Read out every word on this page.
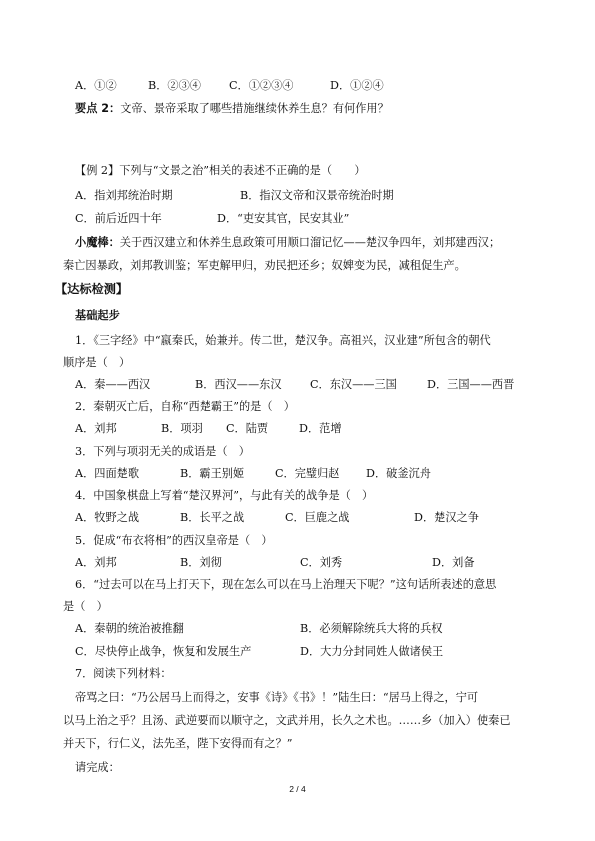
A．①②	B．②③④	C．①②③④	D．①②④
要点 2：文帝、景帝采取了哪些措施继续休养生息？有何作用？
【例 2】下列与“文景之治”相关的表述不正确的是（　　）
A．指刘邦统治时期	B．指汉文帝和汉景帝统治时期
C．前后近四十年	D．“吏安其官，民安其业”
小魔棒：关于西汉建立和休养生息政策可用顺口溜记忆——楚汉争四年，刘邦建西汉；
秦亡因暴政，刘邦教训鉴；军吏解甲归，劝民把还乡；奴婢变为民，减租促生产。
【达标检测】
基础起步
1．《三字经》中“嬴秦氏，始兼并。传二世，楚汉争。高祖兴，汉业建”所包含的朝代
顺序是（　）
A．秦——西汉	B．西汉——东汉	C．东汉——三国	D．三国——西晋
2．秦朝灭亡后，自称“西楚霸王”的是（　）
A．刘邦	B．项羽 C．陆贾	D．范增
3．下列与项羽无关的成语是（　）
A．四面楚歌	B．霸王别姬	C．完璧归赵 D．破釜沉舟
4．中国象棋盘上写着“楚汉界河”，与此有关的战争是（　）
A．牧野之战	B．长平之战	C．巨鹿之战	D．楚汉之争
5．促成“布衣将相”的西汉皇帝是（　）
A．刘邦	B．刘彻	C．刘秀	D．刘备
6．“过去可以在马上打天下，现在怎么可以在马上治理天下呢？”这句话所表述的意思
是（　）
A．秦朝的统治被推翻	B．必须解除统兵大将的兵权
C．尽快停止战争，恢复和发展生产	D．大力分封同姓人做诸侯王
7．阅读下列材料：
帝骂之曰：“乃公居马上而得之，安事《诗》《书》！”陆生曰：“居马上得之，宁可
以马上治之乎？且汤、武逆要而以顺守之，文武并用，长久之术也。……乡（加入）使秦已
并天下，行仁义，法先圣，陛下安得而有之？”
请完成：
2 / 4
